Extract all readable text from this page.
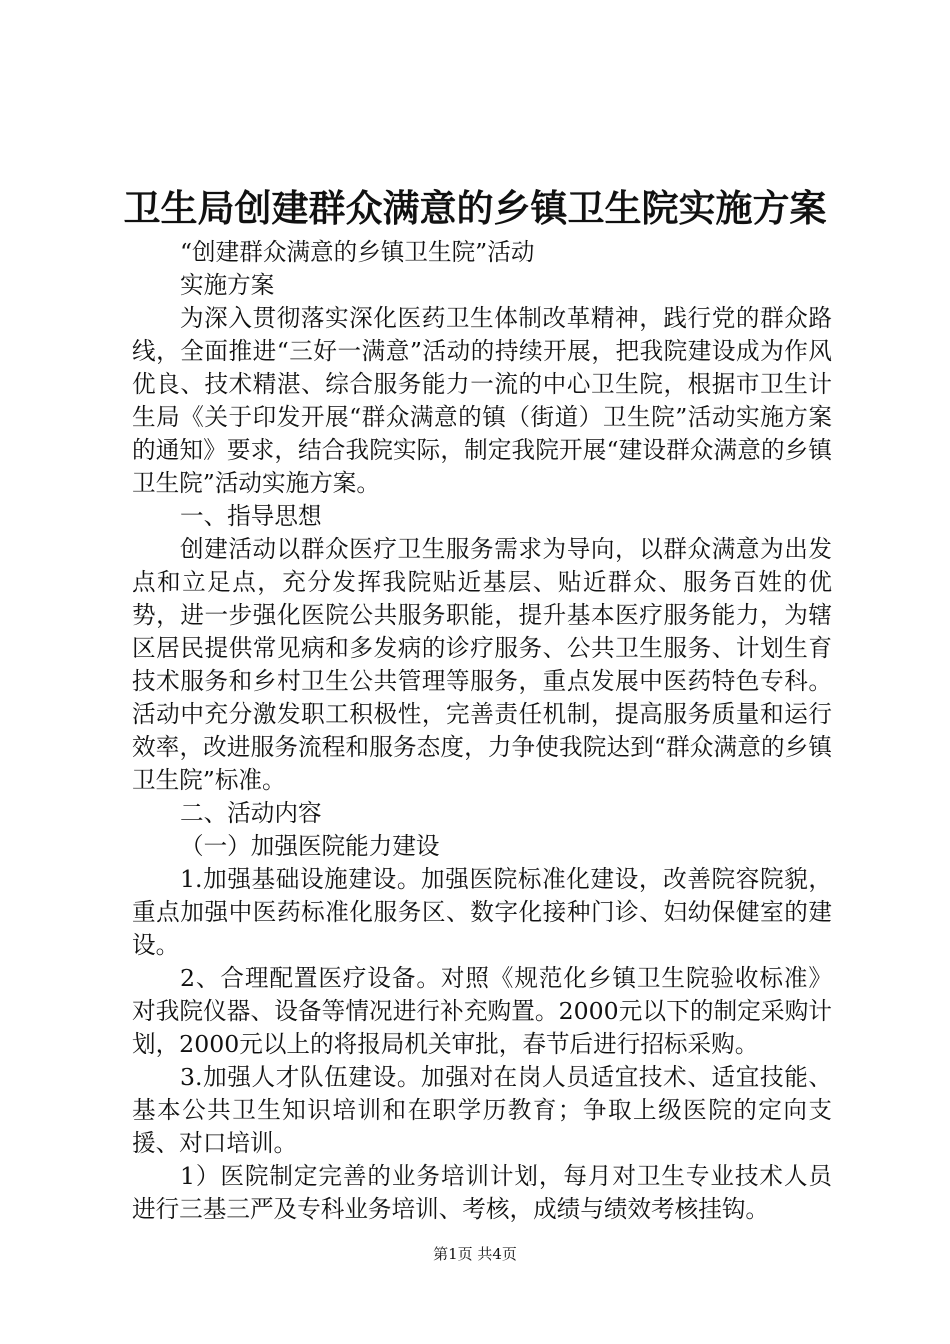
卫生局创建群众满意的乡镇卫生院实施方案

“创建群众满意的乡镇卫生院”活动

实施方案

为深入贯彻落实深化医药卫生体制改革精神，践行党的群众路线，全面推进“三好一满意”活动的持续开展，把我院建设成为作风优良、技术精湛、综合服务能力一流的中心卫生院，根据市卫生计生局《关于印发开展“群众满意的镇（街道）卫生院”活动实施方案的通知》要求，结合我院实际，制定我院开展“建设群众满意的乡镇卫生院”活动实施方案。

一、指导思想

创建活动以群众医疗卫生服务需求为导向，以群众满意为出发点和立足点，充分发挥我院贴近基层、贴近群众、服务百姓的优势，进一步强化医院公共服务职能，提升基本医疗服务能力，为辖区居民提供常见病和多发病的诊疗服务、公共卫生服务、计划生育技术服务和乡村卫生公共管理等服务，重点发展中医药特色专科。活动中充分激发职工积极性，完善责任机制，提高服务质量和运行效率，改进服务流程和服务态度，力争使我院达到“群众满意的乡镇卫生院”标准。

二、活动内容

（一）加强医院能力建设

1.加强基础设施建设。加强医院标准化建设，改善院容院貌，重点加强中医药标准化服务区、数字化接种门诊、妇幼保健室的建设。

2、合理配置医疗设备。对照《规范化乡镇卫生院验收标准》对我院仪器、设备等情况进行补充购置。2000元以下的制定采购计划，2000元以上的将报局机关审批，春节后进行招标采购。

3.加强人才队伍建设。加强对在岗人员适宜技术、适宜技能、基本公共卫生知识培训和在职学历教育；争取上级医院的定向支援、对口培训。

1）医院制定完善的业务培训计划，每月对卫生专业技术人员进行三基三严及专科业务培训、考核，成绩与绩效考核挂钩。

第1页 共4页
